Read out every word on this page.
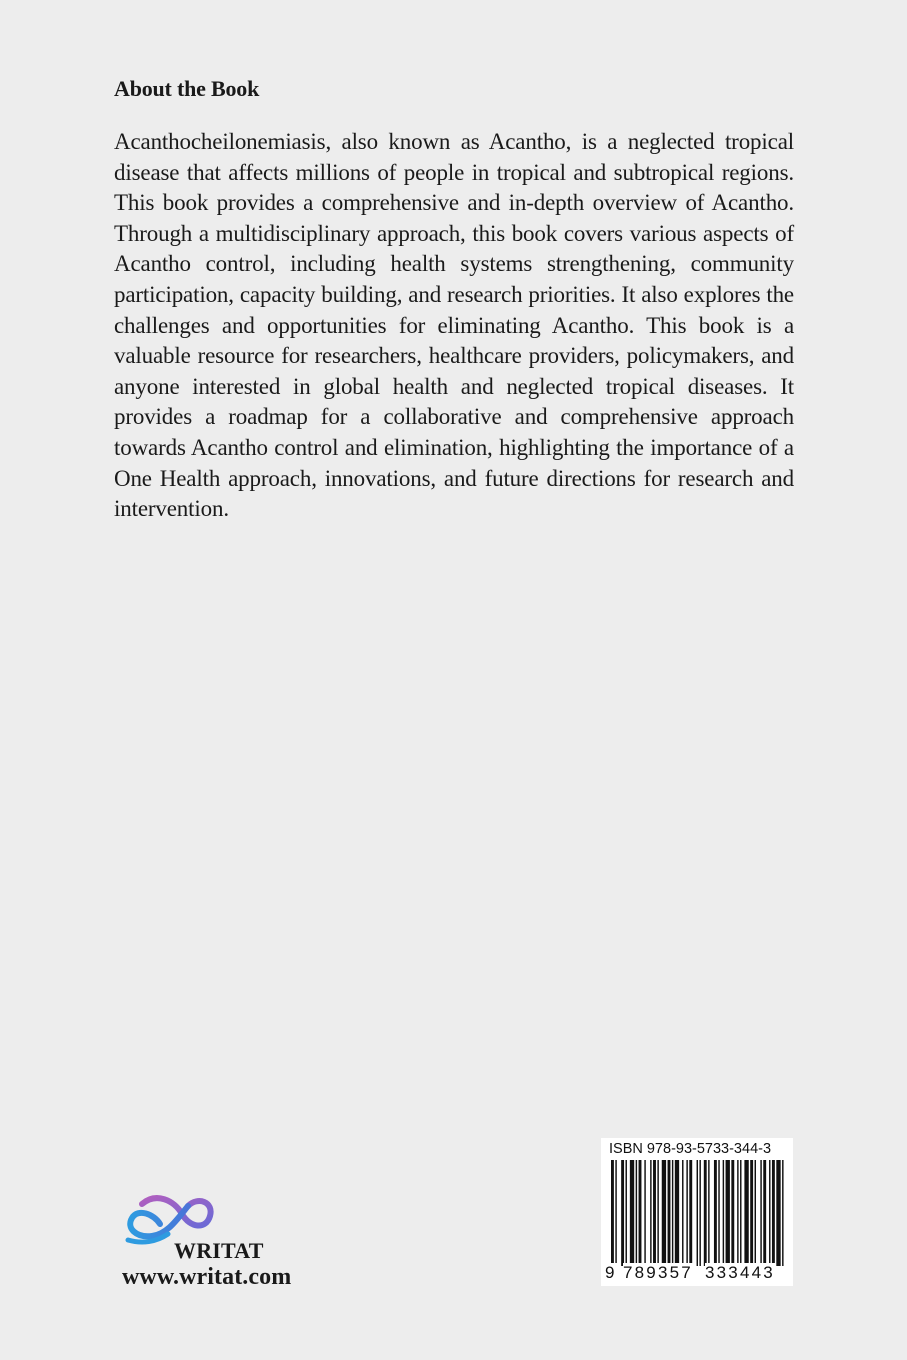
About the Book

Acanthocheilonemiasis, also known as Acantho, is a neglected tropical disease that affects millions of people in tropical and subtropical regions. This book provides a comprehensive and in-depth overview of Acantho. Through a multidisciplinary approach, this book covers various aspects of Acantho control, including health systems strengthening, community participation, capacity building, and research priorities. It also explores the challenges and opportunities for eliminating Acantho. This book is a valuable resource for researchers, healthcare providers, policymakers, and anyone interested in global health and neglected tropical diseases. It provides a roadmap for a collaborative and comprehensive approach towards Acantho control and elimination, highlighting the importance of a One Health approach, innovations, and future directions for research and intervention.

WRITAT
www.writat.com
ISBN 978-93-5733-344-3
9 789357 333443
